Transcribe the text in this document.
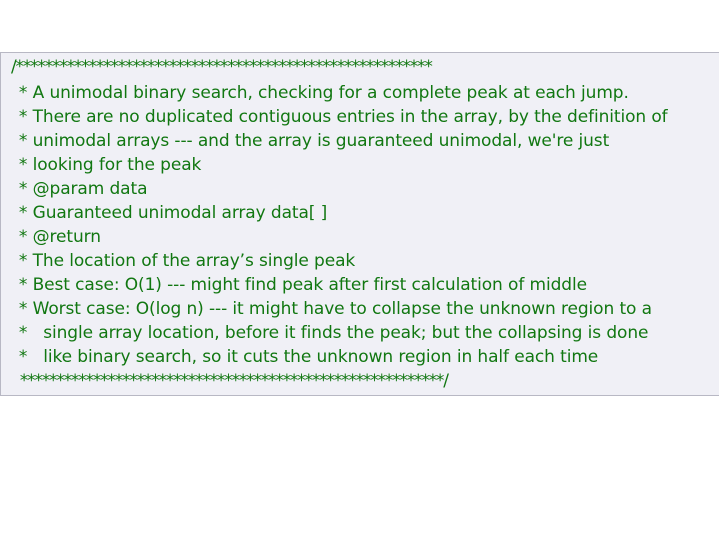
/*********************************************************
* A unimodal binary search, checking for a complete peak at each jump.
* There are no duplicated contiguous entries in the array, by the definition of
* unimodal arrays --- and the array is guaranteed unimodal, we're just
* looking for the peak
* @param data
* Guaranteed unimodal array data[ ]
* @return
* The location of the array’s single peak
* Best case: O(1) --- might find peak after first calculation of middle
* Worst case: O(log n) --- it might have to collapse the unknown region to a
*   single array location, before it finds the peak; but the collapsing is done
*   like binary search, so it cuts the unknown region in half each time
**********************************************************/
